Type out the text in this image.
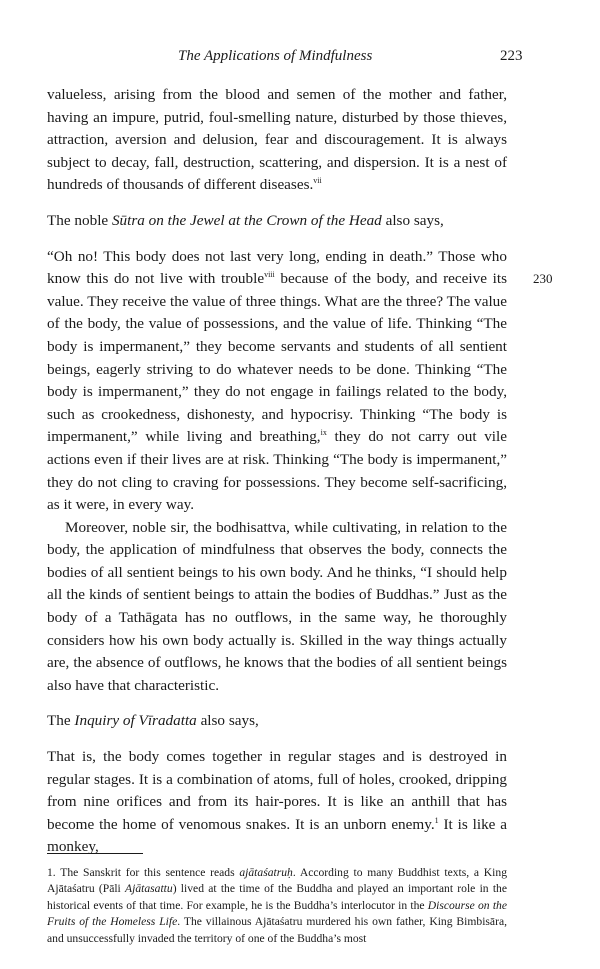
The Applications of Mindfulness	223

valueless, arising from the blood and semen of the mother and father, having an impure, putrid, foul-smelling nature, disturbed by those thieves, attraction, aversion and delusion, fear and discouragement. It is always subject to decay, fall, destruction, scattering, and dispersion. It is a nest of hundreds of thousands of different diseases.$^{vii}$

The noble Sūtra on the Jewel at the Crown of the Head also says,

“Oh no! This body does not last very long, ending in death.” Those who know this do not live with trouble$^{viii}$ because of the body, and receive its value. They receive the value of three things. What are the three? The value of the body, the value of possessions, and the value of life. Thinking “The body is impermanent,” they become servants and students of all sentient beings, eagerly striving to do whatever needs to be done. Thinking “The body is impermanent,” they do not engage in failings related to the body, such as crookedness, dishonesty, and hypocrisy. Thinking “The body is impermanent,” while living and breathing,$^{ix}$ they do not carry out vile actions even if their lives are at risk. Thinking “The body is impermanent,” they do not cling to craving for possessions. They become self-sacrificing, as it were, in every way.

Moreover, noble sir, the bodhisattva, while cultivating, in relation to the body, the application of mindfulness that observes the body, connects the bodies of all sentient beings to his own body. And he thinks, “I should help all the kinds of sentient beings to attain the bodies of Buddhas.” Just as the body of a Tathāgata has no outflows, in the same way, he thoroughly considers how his own body actually is. Skilled in the way things actually are, the absence of outflows, he knows that the bodies of all sentient beings also have that characteristic.

The Inquiry of Vīradatta also says,

That is, the body comes together in regular stages and is destroyed in regular stages. It is a combination of atoms, full of holes, crooked, dripping from nine orifices and from its hair-pores. It is like an anthill that has become the home of venomous snakes. It is an unborn enemy.$^1$ It is like a monkey,

230
1. The Sanskrit for this sentence reads ajātaśatruḥ. According to many Buddhist texts, a King Ajātaśatru (Pāli Ajātasattu) lived at the time of the Buddha and played an important role in the historical events of that time. For example, he is the Buddha’s interlocutor in the Discourse on the Fruits of the Homeless Life. The villainous Ajātaśatru murdered his own father, King Bimbisāra, and unsuccessfully invaded the territory of one of the Buddha’s most
